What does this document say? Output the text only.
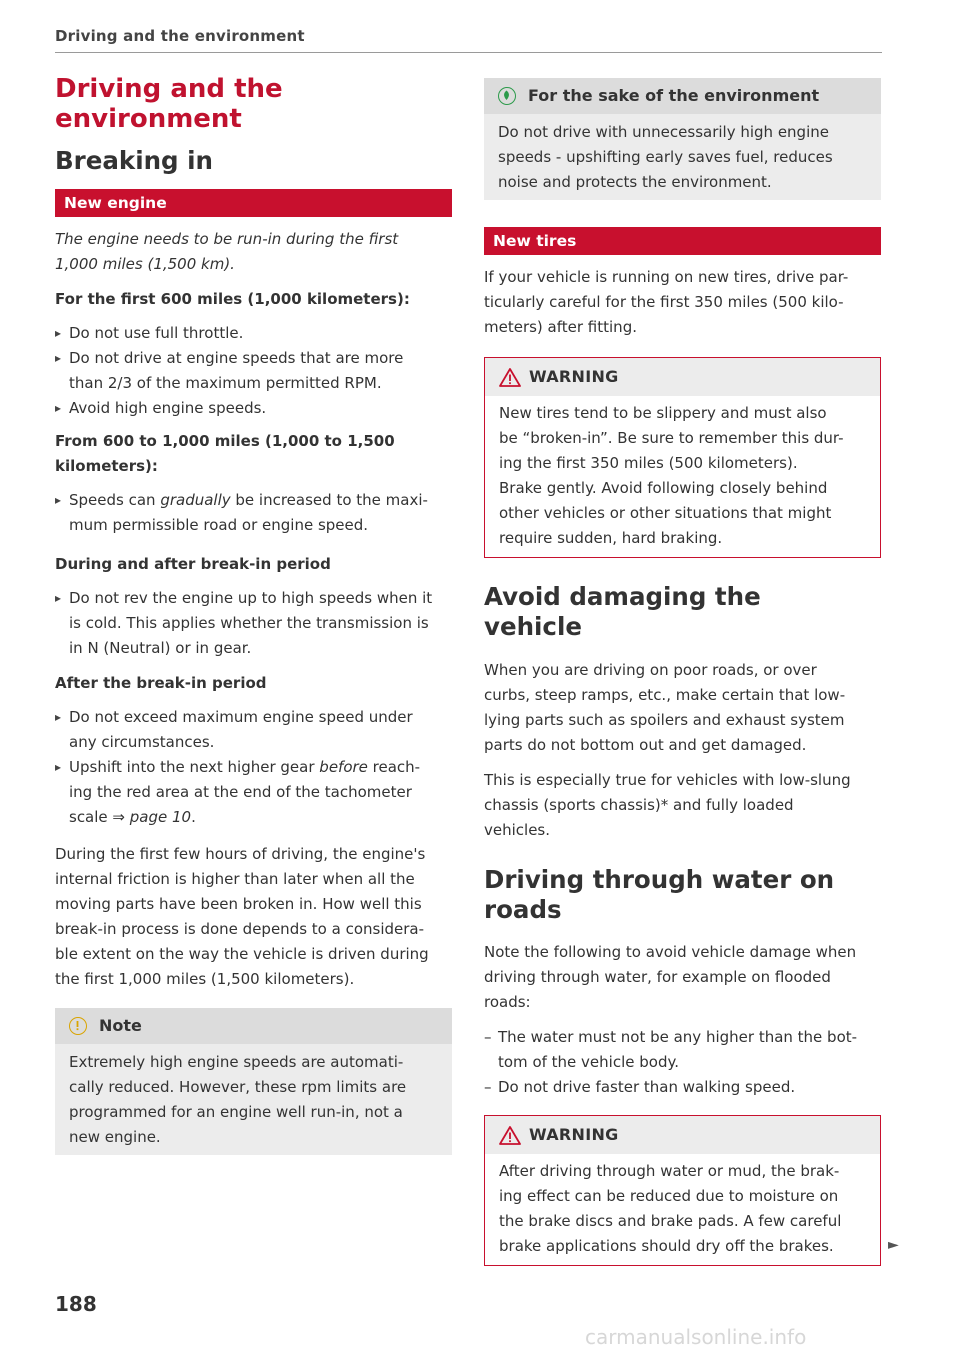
Driving and the environment
Driving and the
environment
Breaking in
New engine

The engine needs to be run-in during the first

1,000 miles (1,500 km).

For the first 600 miles (1,000 kilometers):

▸ Do not use full throttle.
▸ Do not drive at engine speeds that are more
than 2/3 of the maximum permitted RPM.
▸ Avoid high engine speeds.
From 600 to 1,000 miles (1,000 to 1,500
kilometers):
▸ Speeds can gradually be increased to the maxi-
mum permissible road or engine speed.

During and after break-in period

▸ Do not rev the engine up to high speeds when it
is cold. This applies whether the transmission is
in N (Neutral) or in gear.

After the break-in period

▸ Do not exceed maximum engine speed under
any circumstances.
▸ Upshift into the next higher gear before reach-
ing the red area at the end of the tachometer
scale ⇒ page 10.

During the first few hours of driving, the engine's

internal friction is higher than later when all the

moving parts have been broken in. How well this

break-in process is done depends to a considera-

ble extent on the way the vehicle is driven during

the first 1,000 miles (1,500 kilometers).

Note

Extremely high engine speeds are automati-

cally reduced. However, these rpm limits are

programmed for an engine well run-in, not a

new engine.

For the sake of the environment

Do not drive with unnecessarily high engine

speeds - upshifting early saves fuel, reduces

noise and protects the environment.

New tires

If your vehicle is running on new tires, drive par-

ticularly careful for the first 350 miles (500 kilo-

meters) after fitting.

WARNING

New tires tend to be slippery and must also

be “broken-in”. Be sure to remember this dur-

ing the first 350 miles (500 kilometers).

Brake gently. Avoid following closely behind

other vehicles or other situations that might

require sudden, hard braking.

Avoid damaging the
vehicle

When you are driving on poor roads, or over

curbs, steep ramps, etc., make certain that low-

lying parts such as spoilers and exhaust system

parts do not bottom out and get damaged.

This is especially true for vehicles with low-slung

chassis (sports chassis)* and fully loaded

vehicles.

Driving through water on
roads

Note the following to avoid vehicle damage when

driving through water, for example on flooded

roads:

– The water must not be any higher than the bot-
tom of the vehicle body.
– Do not drive faster than walking speed.
WARNING

After driving through water or mud, the brak-

ing effect can be reduced due to moisture on

the brake discs and brake pads. A few careful

brake applications should dry off the brakes.	►
188
carmanualsonline.info
